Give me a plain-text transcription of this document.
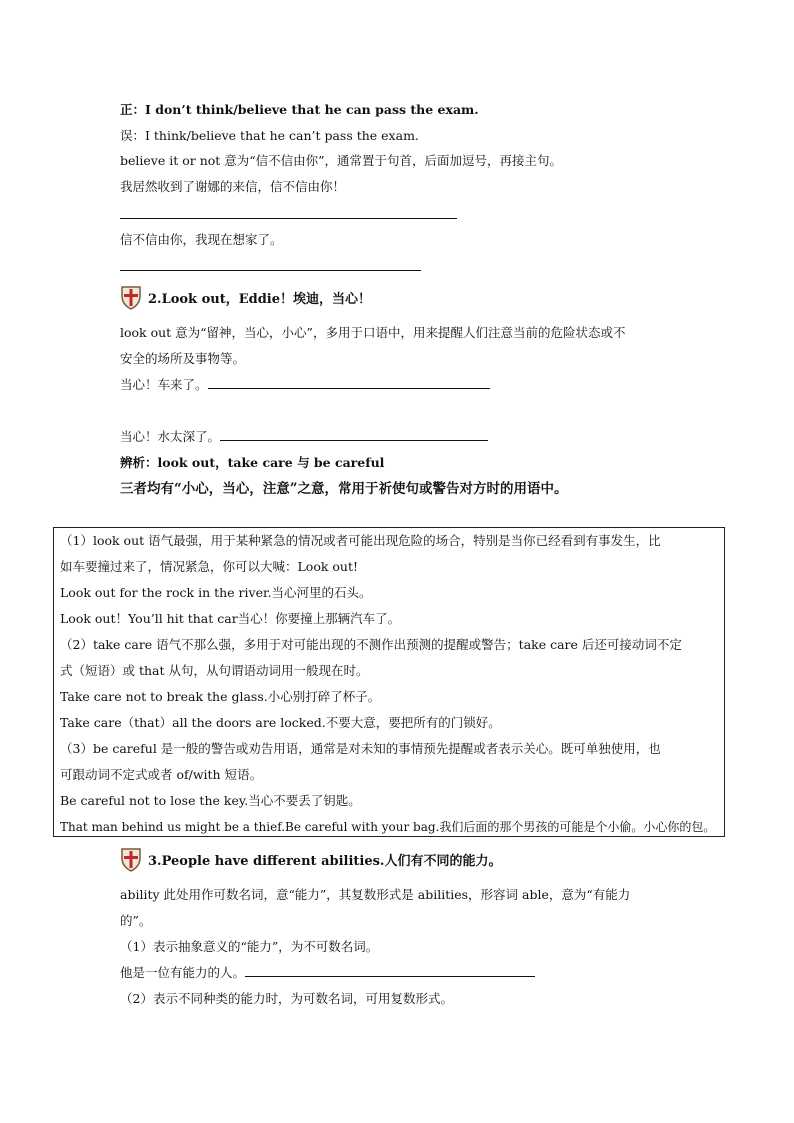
正：I don’t think/believe that he can pass the exam.
误：I think/believe that he can’t pass the exam.
believe it or not 意为“信不信由你”，通常置于句首，后面加逗号，再接主句。
我居然收到了谢娜的来信，信不信由你！
信不信由你，我现在想家了。
2.Look out，Eddie！埃迪，当心！
look out 意为“留神，当心，小心”，多用于口语中，用来提醒人们注意当前的危险状态或不
安全的场所及事物等。
当心！车来了。
当心！水太深了。
辨析：look out，take care 与 be careful
三者均有“小心，当心，注意”之意，常用于祈使句或警告对方时的用语中。
（1）look out 语气最强，用于某种紧急的情况或者可能出现危险的场合，特别是当你已经看到有事发生，比
如车要撞过来了，情况紧急，你可以大喊：Look out!
Look out for the rock in the river.当心河里的石头。
Look out！You’ll hit that car当心！你要撞上那辆汽车了。
（2）take care 语气不那么强，多用于对可能出现的不测作出预测的提醒或警告；take care 后还可接动词不定
式（短语）或 that 从句，从句谓语动词用一般现在时。
Take care not to break the glass.小心别打碎了杯子。
Take care（that）all the doors are locked.不要大意，要把所有的门锁好。
（3）be careful 是一般的警告或劝告用语，通常是对未知的事情预先提醒或者表示关心。既可单独使用，也
可跟动词不定式或者 of/with 短语。
Be careful not to lose the key.当心不要丢了钥匙。
That man behind us might be a thief.Be careful with your bag.我们后面的那个男孩的可能是个小偷。小心你的包。
3.People have different abilities.人们有不同的能力。
ability 此处用作可数名词，意“能力”，其复数形式是 abilities，形容词 able，意为“有能力
的”。
（1）表示抽象意义的“能力”，为不可数名词。
他是一位有能力的人。
（2）表示不同种类的能力时，为可数名词，可用复数形式。
